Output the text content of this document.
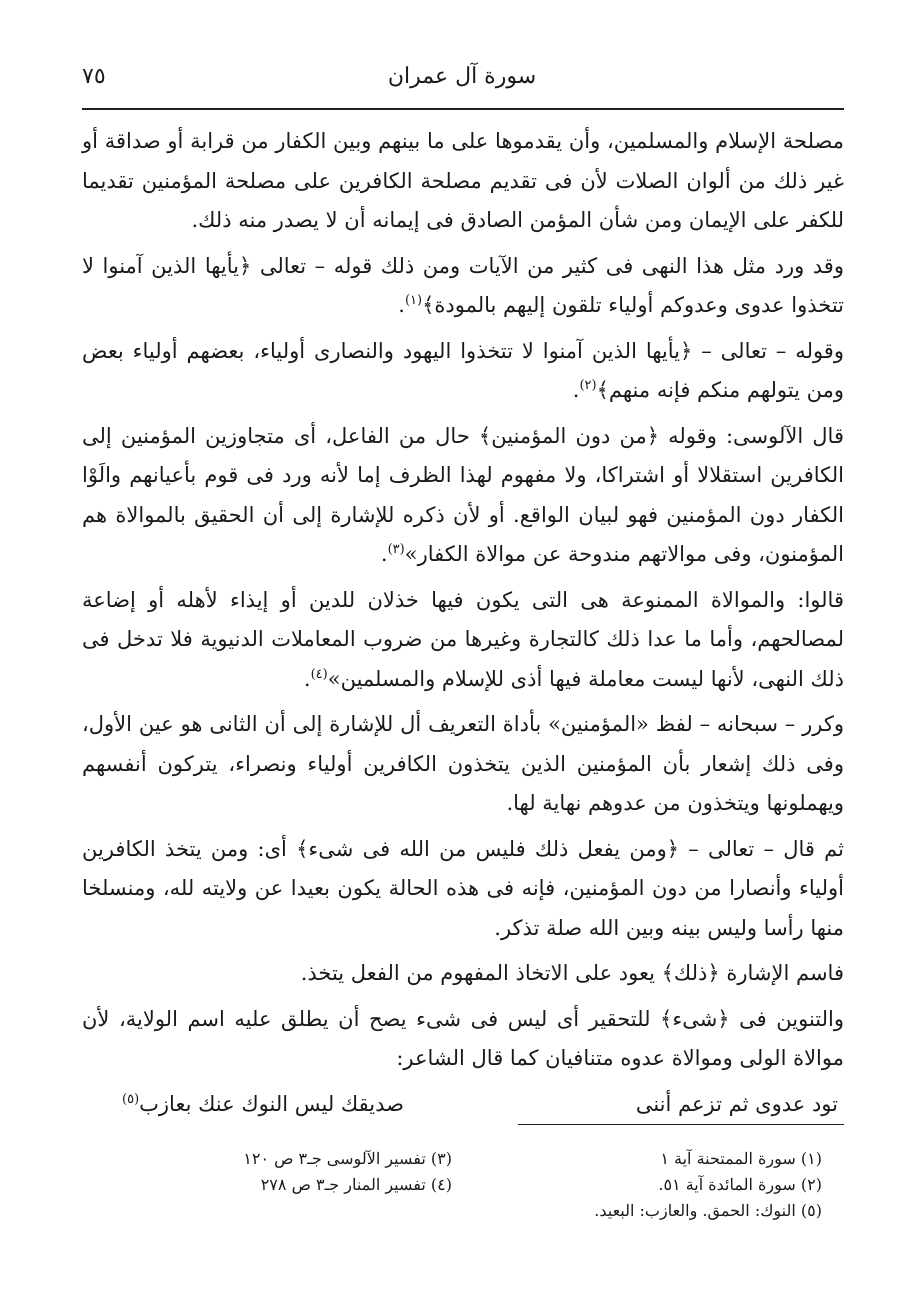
٧٥	سورة آل عمران

مصلحة الإسلام والمسلمين، وأن يقدموها على ما بينهم وبين الكفار من قرابة أو صداقة أو غير ذلك من ألوان الصلات لأن فى تقديم مصلحة الكافرين على مصلحة المؤمنين تقديما للكفر على الإيمان ومن شأن المؤمن الصادق فى إيمانه أن لا يصدر منه ذلك.

وقد ورد مثل هذا النهى فى كثير من الآيات ومن ذلك قوله – تعالى ﴿يأيها الذين آمنوا لا تتخذوا عدوى وعدوكم أولياء تلقون إليهم بالمودة﴾$^{(١)}$.

وقوله – تعالى – ﴿يأيها الذين آمنوا لا تتخذوا اليهود والنصارى أولياء، بعضهم أولياء بعض ومن يتولهم منكم فإنه منهم﴾$^{(٢)}$.

قال الآلوسى: وقوله ﴿من دون المؤمنين﴾ حال من الفاعل، أى متجاوزين المؤمنين إلى الكافرين استقلالا أو اشتراكا، ولا مفهوم لهذا الظرف إما لأنه ورد فى قوم بأعيانهم والَوْا الكفار دون المؤمنين فهو لبيان الواقع. أو لأن ذكره للإشارة إلى أن الحقيق بالموالاة هم المؤمنون، وفى موالاتهم مندوحة عن موالاة الكفار»$^{(٣)}$.

قالوا: والموالاة الممنوعة هى التى يكون فيها خذلان للدين أو إيذاء لأهله أو إضاعة لمصالحهم، وأما ما عدا ذلك كالتجارة وغيرها من ضروب المعاملات الدنيوية فلا تدخل فى ذلك النهى، لأنها ليست معاملة فيها أذى للإسلام والمسلمين»$^{(٤)}$.

وكرر – سبحانه – لفظ «المؤمنين» بأداة التعريف أل للإشارة إلى أن الثانى هو عين الأول، وفى ذلك إشعار بأن المؤمنين الذين يتخذون الكافرين أولياء ونصراء، يتركون أنفسهم ويهملونها ويتخذون من عدوهم نهاية لها.

ثم قال – تعالى – ﴿ومن يفعل ذلك فليس من الله فى شىء﴾ أى: ومن يتخذ الكافرين أولياء وأنصارا من دون المؤمنين، فإنه فى هذه الحالة يكون بعيدا عن ولايته لله، ومنسلخا منها رأسا وليس بينه وبين الله صلة تذكر.

فاسم الإشارة ﴿ذلك﴾ يعود على الاتخاذ المفهوم من الفعل يتخذ.

والتنوين فى ﴿شىء﴾ للتحقير أى ليس فى شىء يصح أن يطلق عليه اسم الولاية، لأن موالاة الولى وموالاة عدوه متنافيان كما قال الشاعر:

تود عدوى ثم تزعم أننى
صديقك ليس النوك عنك بعازب$^{(٥)}$
(١) سورة الممتحنة آية ١
(٣) تفسير الآلوسى جـ٣ ص ١٢٠
(٢) سورة المائدة آية ٥١.
(٤) تفسير المنار جـ٣ ص ٢٧٨
(٥) النوك: الحمق. والعازب: البعيد.
